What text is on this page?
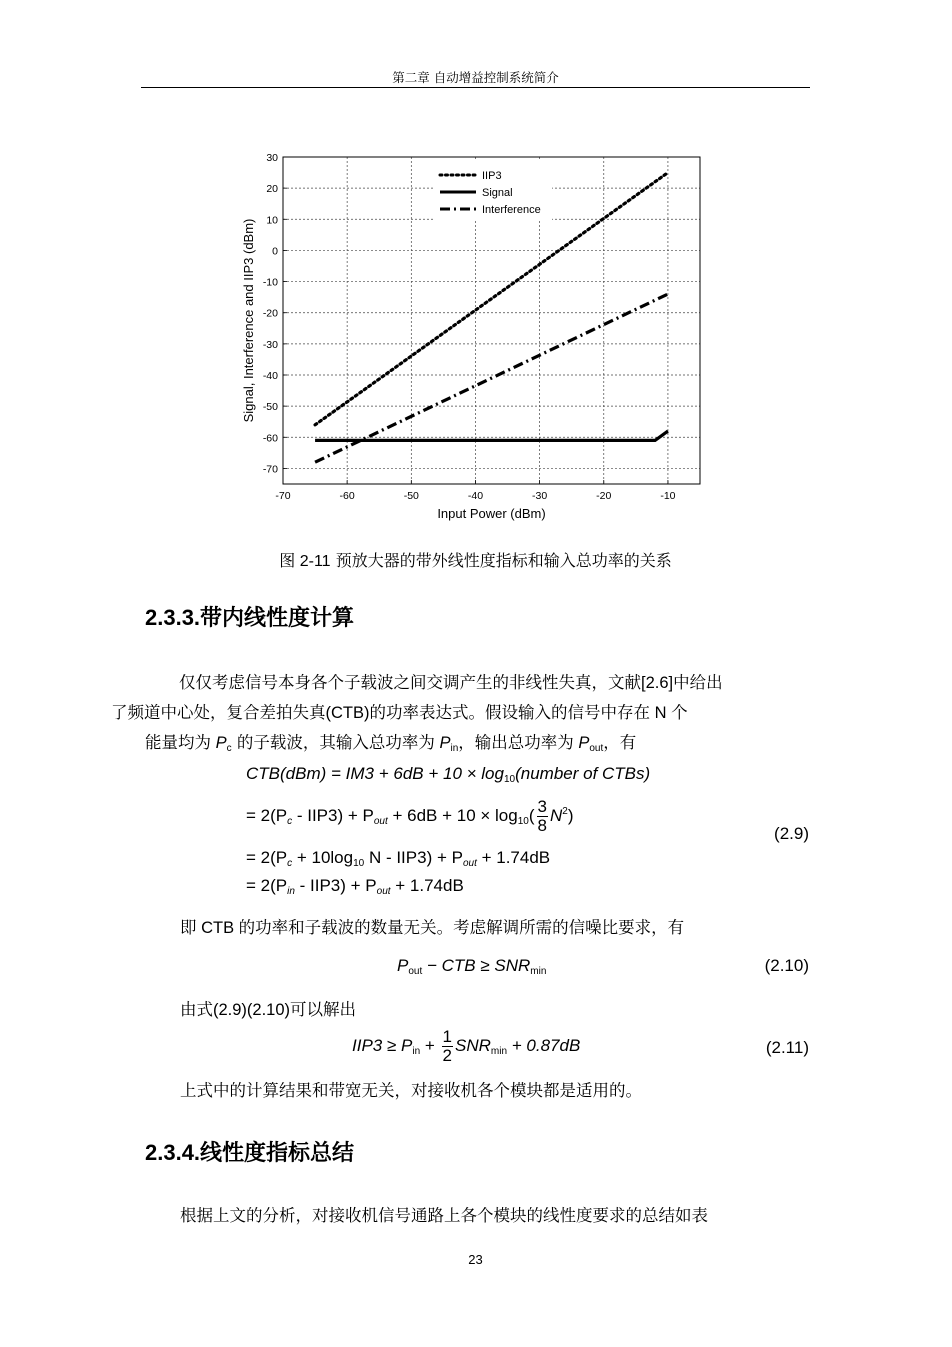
第二章 自动增益控制系统简介
-70	-60	-50	-40	-30	-20	-10
30
20
10
0
-10
-20
-30
-40
-50
-60
-70
IIP3
Signal
Interference
Input Power (dBm)
Signal, Interference and IIP3 (dBm)
图 2-11 预放大器的带外线性度指标和输入总功率的关系
2.3.3.带内线性度计算
仅仅考虑信号本身各个子载波之间交调产生的非线性失真，文献[2.6]中给出
了频道中心处，复合差拍失真(CTB)的功率表达式。假设输入的信号中存在 N 个
能量均为 $P_c$ 的子载波，其输入总功率为 $P_{in}$，输出总功率为 $P_{out}$，有
$CTB(dBm) = IM3 + 6dB + 10 \times \log_{10}(number$ of CTBs)
= $2(P_c - IIP3) + P_{out} + 6dB + 10 \times \log_{10}( \frac{3}{8} N^2)$
(2.9)
= $2(P_c + 10\log_{10}$ $N - IIP3) + P_{out} + 1.74dB$
= $2(P_{in} - IIP3) + P_{out} + 1.74dB$
即 CTB 的功率和子载波的数量无关。考虑解调所需的信噪比要求，有
$P_{out}$ − CTB ≥ $SNR_{min}$	(2.10)
由式(2.9)(2.10)可以解出
$IIP3 \ge P_{in} + \frac{1}{2} SNR_{min} + 0.87dB$	(2.11)
上式中的计算结果和带宽无关，对接收机各个模块都是适用的。
2.3.4.线性度指标总结
根据上文的分析，对接收机信号通路上各个模块的线性度要求的总结如表
23
